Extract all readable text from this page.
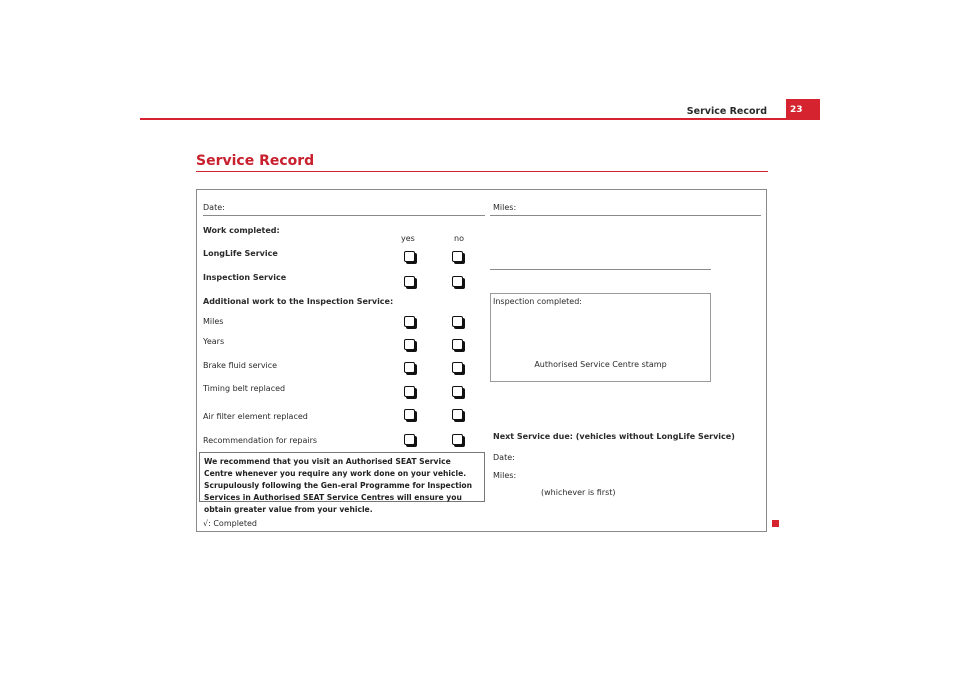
Service Record	23
Service Record
Date:
Work completed:
yes	no
LongLife Service
Inspection Service
Additional work to the Inspection Service:
Miles
Years
Brake fluid service
Timing belt replaced
Air filter element replaced
Recommendation for repairs
We recommend that you visit an Authorised SEAT Service Centre whenever you require any work done on your vehicle. Scrupulously following the Gen-eral Programme for Inspection Services in Authorised SEAT Service Centres will ensure you obtain greater value from your vehicle.
√: Completed
Miles:
Inspection completed:
Authorised Service Centre stamp
Next Service due: (vehicles without LongLife Service)
Date:
Miles:
(whichever is first)
